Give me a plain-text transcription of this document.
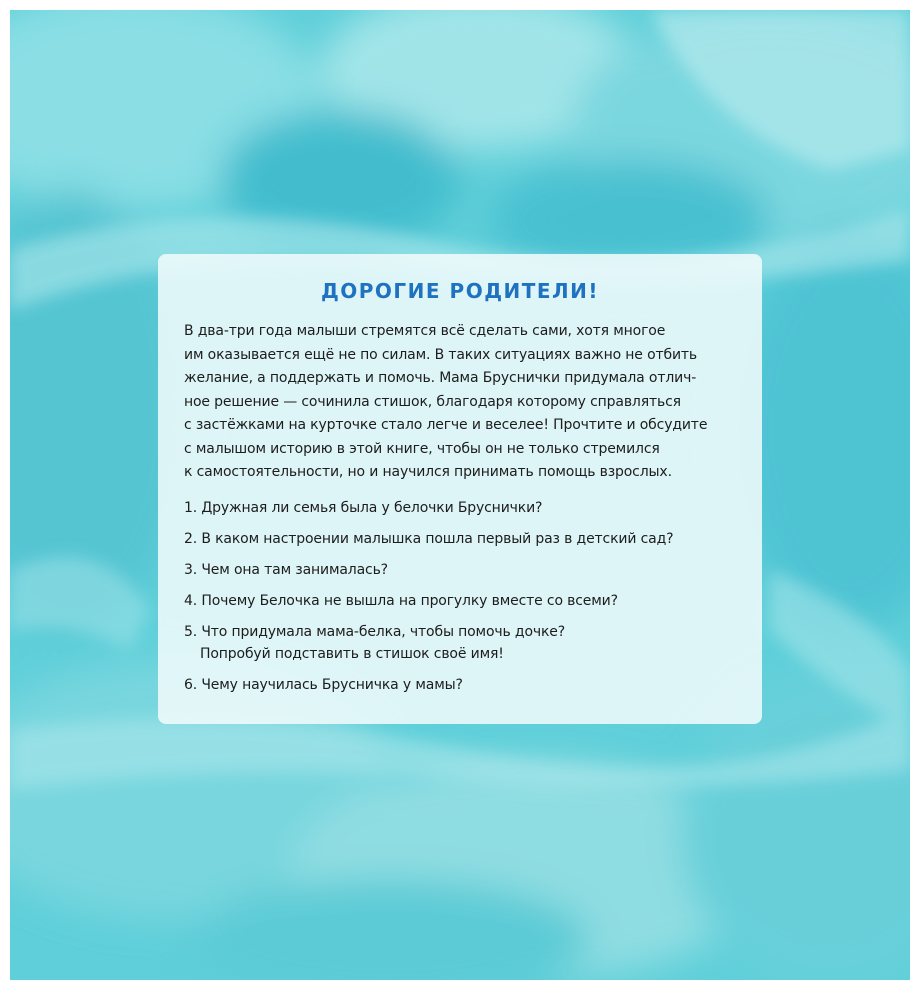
ДОРОГИЕ РОДИТЕЛИ!
В два-три года малыши стремятся всё сделать сами, хотя многое
им оказывается ещё не по силам. В таких ситуациях важно не отбить
желание, а поддержать и помочь. Мама Бруснички придумала отлич-
ное решение — сочинила стишок, благодаря которому справляться
с застёжками на курточке стало легче и веселее! Прочтите и обсудите
с малышом историю в этой книге, чтобы он не только стремился
к самостоятельности, но и научился принимать помощь взрослых.
1. Дружная ли семья была у белочки Бруснички?
2. В каком настроении малышка пошла первый раз в детский сад?
3. Чем она там занималась?
4. Почему Белочка не вышла на прогулку вместе со всеми?
5. Что придумала мама-белка, чтобы помочь дочке?
Попробуй подставить в стишок своё имя!
6. Чему научилась Брусничка у мамы?
